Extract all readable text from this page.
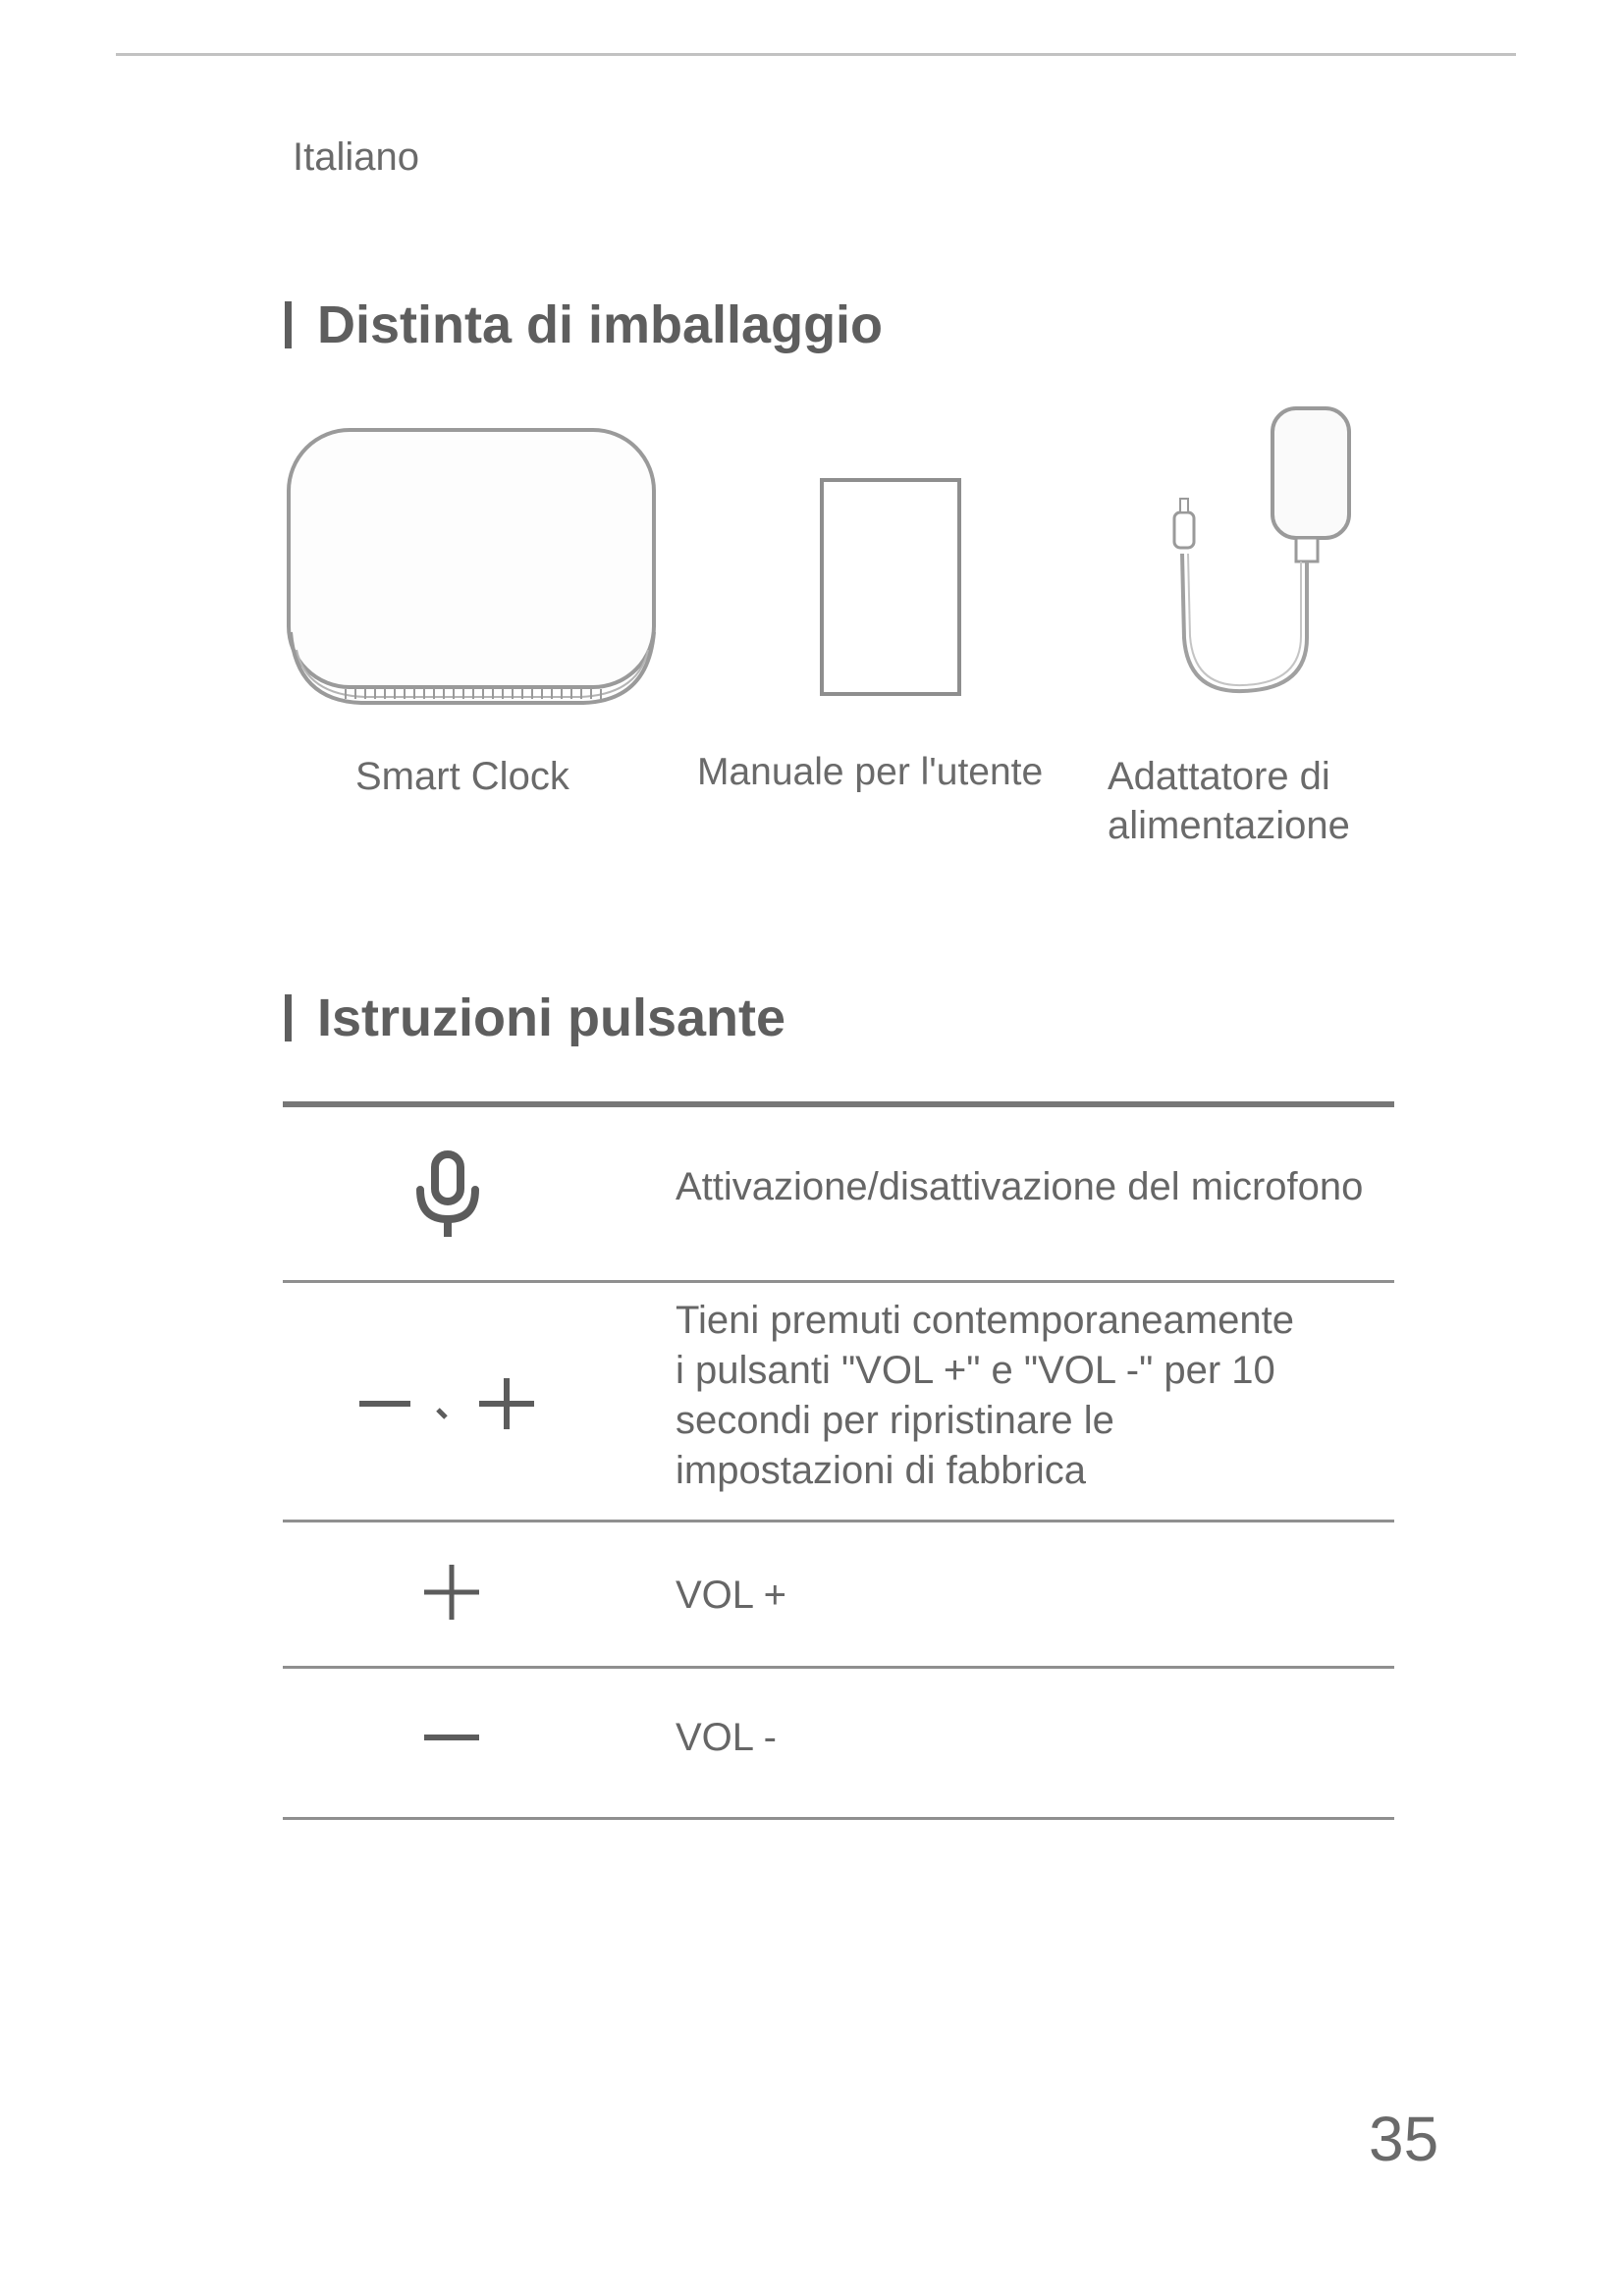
Italiano
Distinta di imballaggio
Smart Clock	Manuale per l'utente Adattatore di
alimentazione
Istruzioni pulsante
Attivazione/disattivazione del microfono
Tieni premuti contemporaneamente
i pulsanti "VOL +" e "VOL -" per 10
secondi per ripristinare le
impostazioni di fabbrica
VOL +
VOL -
35
